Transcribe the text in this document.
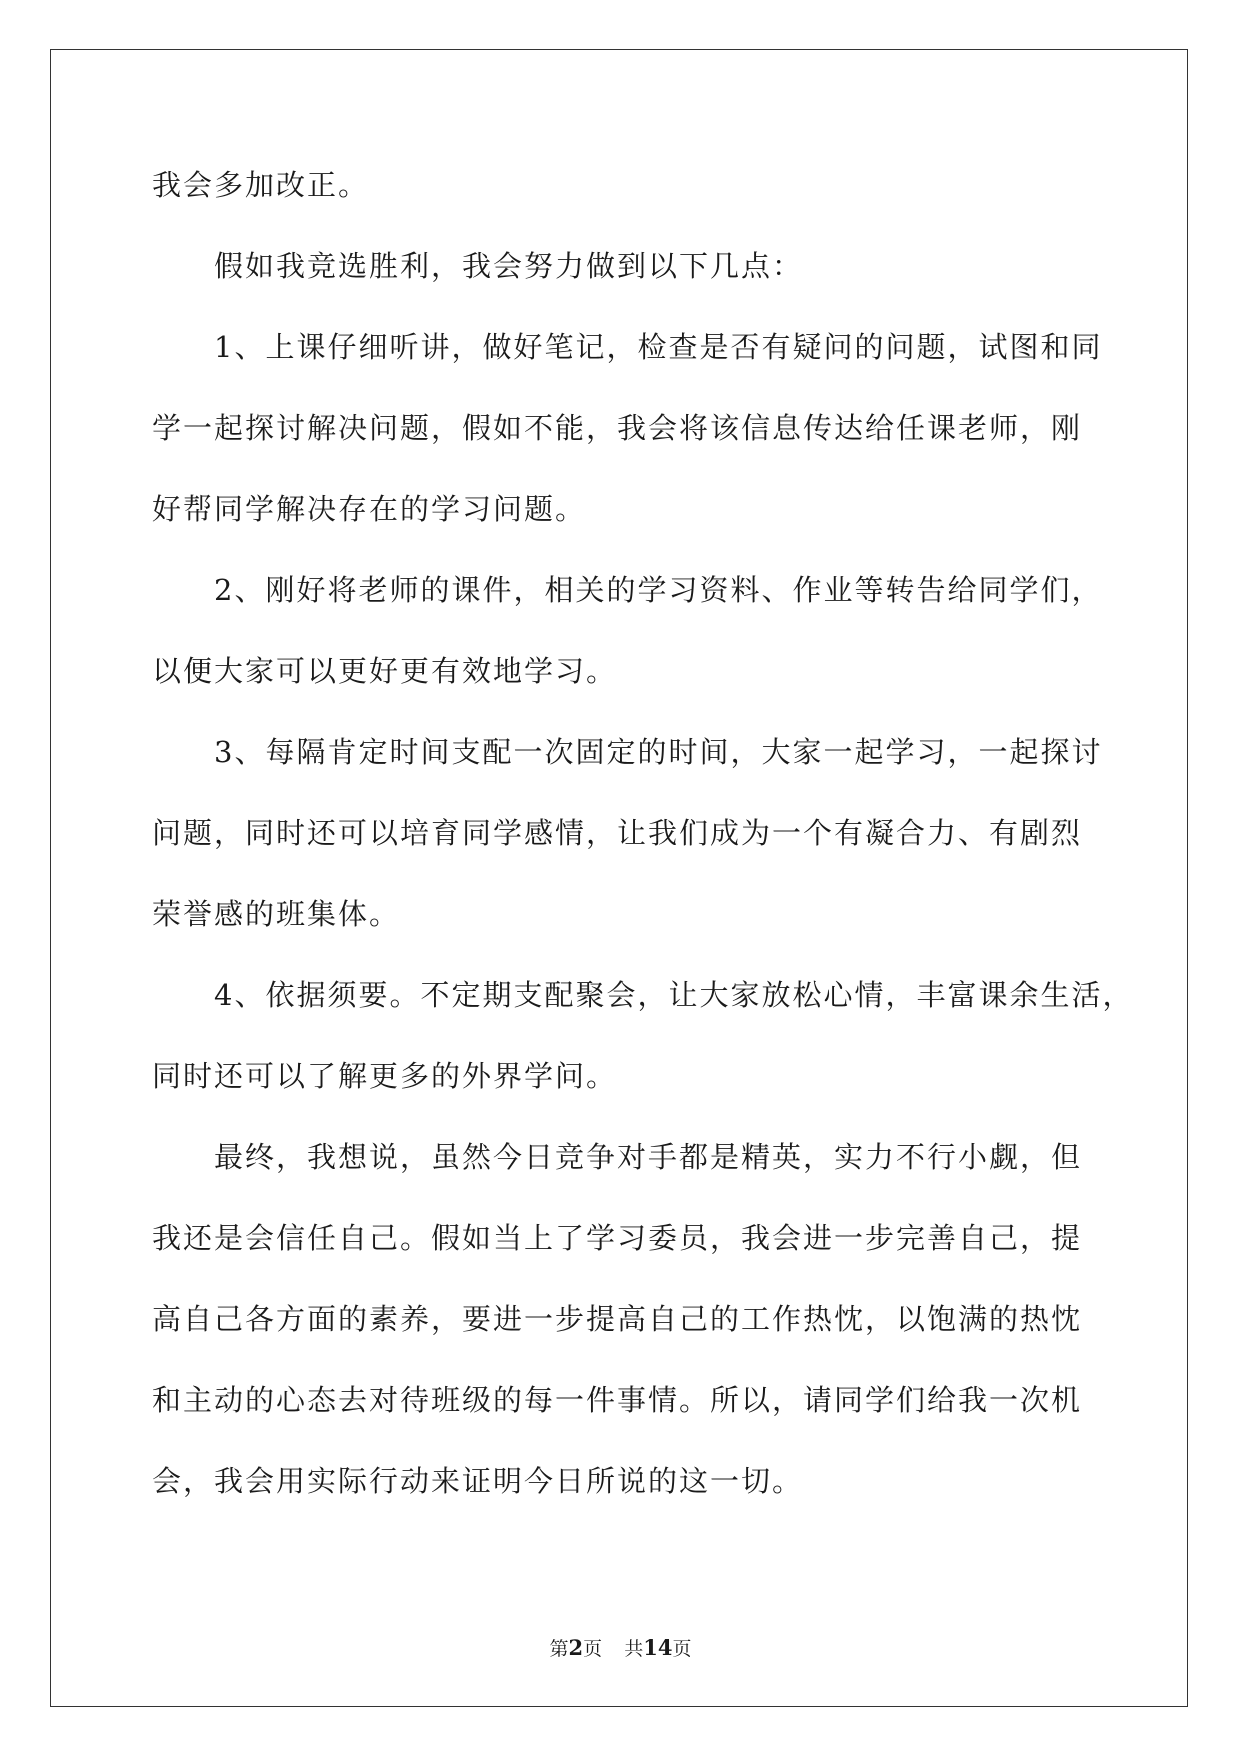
我会多加改正。
假如我竞选胜利，我会努力做到以下几点：
1、上课仔细听讲，做好笔记，检查是否有疑问的问题，试图和同
学一起探讨解决问题，假如不能，我会将该信息传达给任课老师，刚
好帮同学解决存在的学习问题。
2、刚好将老师的课件，相关的学习资料、作业等转告给同学们，
以便大家可以更好更有效地学习。
3、每隔肯定时间支配一次固定的时间，大家一起学习，一起探讨
问题，同时还可以培育同学感情，让我们成为一个有凝合力、有剧烈
荣誉感的班集体。
4、依据须要。不定期支配聚会，让大家放松心情，丰富课余生活，
同时还可以了解更多的外界学问。
最终，我想说，虽然今日竞争对手都是精英，实力不行小觑，但
我还是会信任自己。假如当上了学习委员，我会进一步完善自己，提
高自己各方面的素养，要进一步提高自己的工作热忱，以饱满的热忱
和主动的心态去对待班级的每一件事情。所以，请同学们给我一次机
会，我会用实际行动来证明今日所说的这一切。
第2页 共14页
